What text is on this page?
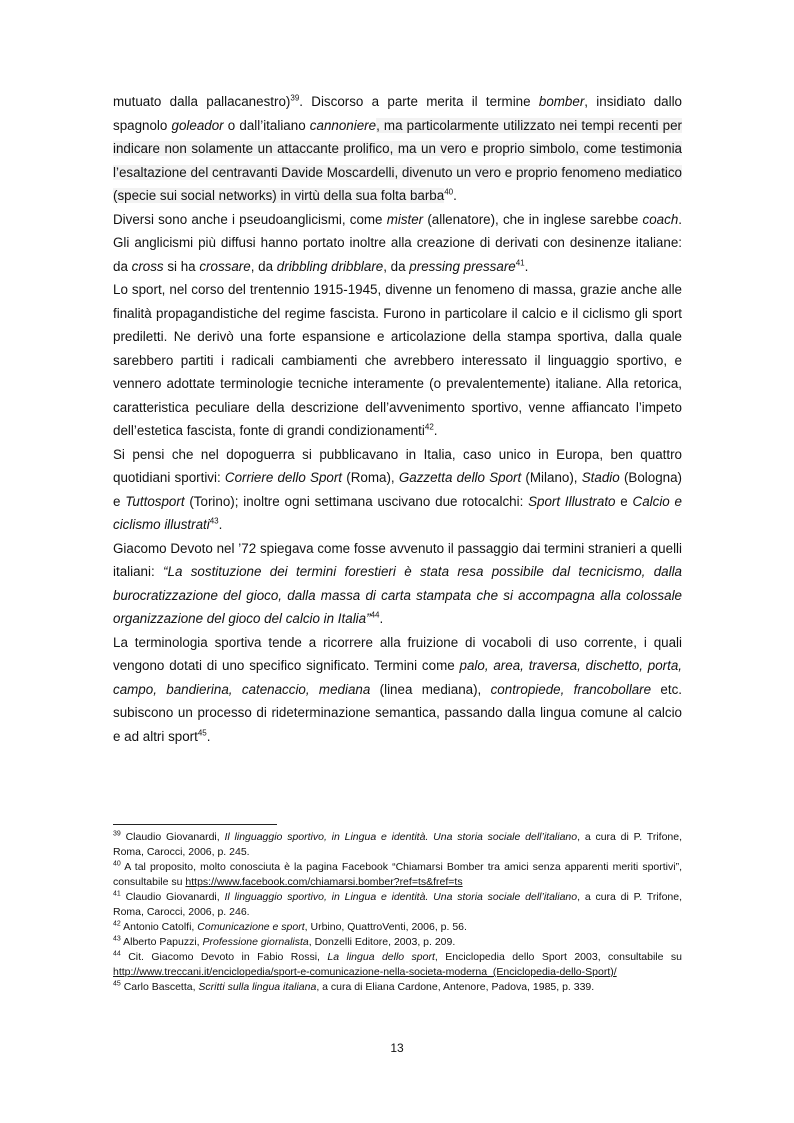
mutuato dalla pallacanestro)$^{39}$. Discorso a parte merita il termine bomber, insidiato dallo spagnolo goleador o dall’italiano cannoniere, ma particolarmente utilizzato nei tempi recenti per indicare non solamente un attaccante prolifico, ma un vero e proprio simbolo, come testimonia l’esaltazione del centravanti Davide Moscardelli, divenuto un vero e proprio fenomeno mediatico (specie sui social networks) in virtù della sua folta barba$^{40}$.

Diversi sono anche i pseudoanglicismi, come mister (allenatore), che in inglese sarebbe coach. Gli anglicismi più diffusi hanno portato inoltre alla creazione di derivati con desinenze italiane: da cross si ha crossare, da dribbling dribblare, da pressing pressare$^{41}$.

Lo sport, nel corso del trentennio 1915-1945, divenne un fenomeno di massa, grazie anche alle finalità propagandistiche del regime fascista. Furono in particolare il calcio e il ciclismo gli sport prediletti. Ne derivò una forte espansione e articolazione della stampa sportiva, dalla quale sarebbero partiti i radicali cambiamenti che avrebbero interessato il linguaggio sportivo, e vennero adottate terminologie tecniche interamente (o prevalentemente) italiane. Alla retorica, caratteristica peculiare della descrizione dell’avvenimento sportivo, venne affiancato l’impeto dell’estetica fascista, fonte di grandi condizionamenti$^{42}$.

Si pensi che nel dopoguerra si pubblicavano in Italia, caso unico in Europa, ben quattro quotidiani sportivi: Corriere dello Sport (Roma), Gazzetta dello Sport (Milano), Stadio (Bologna) e Tuttosport (Torino); inoltre ogni settimana uscivano due rotocalchi: Sport Illustrato e Calcio e ciclismo illustrati$^{43}$.

Giacomo Devoto nel ’72 spiegava come fosse avvenuto il passaggio dai termini stranieri a quelli italiani: “La sostituzione dei termini forestieri è stata resa possibile dal tecnicismo, dalla burocratizzazione del gioco, dalla massa di carta stampata che si accompagna alla colossale organizzazione del gioco del calcio in Italia”$^{44}$.

La terminologia sportiva tende a ricorrere alla fruizione di vocaboli di uso corrente, i quali vengono dotati di uno specifico significato. Termini come palo, area, traversa, dischetto, porta, campo, bandierina, catenaccio, mediana (linea mediana), contropiede, francobollare etc. subiscono un processo di rideterminazione semantica, passando dalla lingua comune al calcio e ad altri sport$^{45}$.

$^{39}$ Claudio Giovanardi, Il linguaggio sportivo, in Lingua e identità. Una storia sociale dell’italiano, a cura di P. Trifone, Roma, Carocci, 2006, p. 245.

$^{40}$ A tal proposito, molto conosciuta è la pagina Facebook “Chiamarsi Bomber tra amici senza apparenti meriti sportivi”, consultabile su https://www.facebook.com/chiamarsi.bomber?ref=ts&fref=ts

$^{41}$ Claudio Giovanardi, Il linguaggio sportivo, in Lingua e identità. Una storia sociale dell’italiano, a cura di P. Trifone, Roma, Carocci, 2006, p. 246.

$^{42}$ Antonio Catolfi, Comunicazione e sport, Urbino, QuattroVenti, 2006, p. 56.

$^{43}$ Alberto Papuzzi, Professione giornalista, Donzelli Editore, 2003, p. 209.

$^{44}$ Cit. Giacomo Devoto in Fabio Rossi, La lingua dello sport, Enciclopedia dello Sport 2003, consultabile su http://www.treccani.it/enciclopedia/sport-e-comunicazione-nella-societa-moderna_(Enciclopedia-dello-Sport)/

$^{45}$ Carlo Bascetta, Scritti sulla lingua italiana, a cura di Eliana Cardone, Antenore, Padova, 1985, p. 339.

13
